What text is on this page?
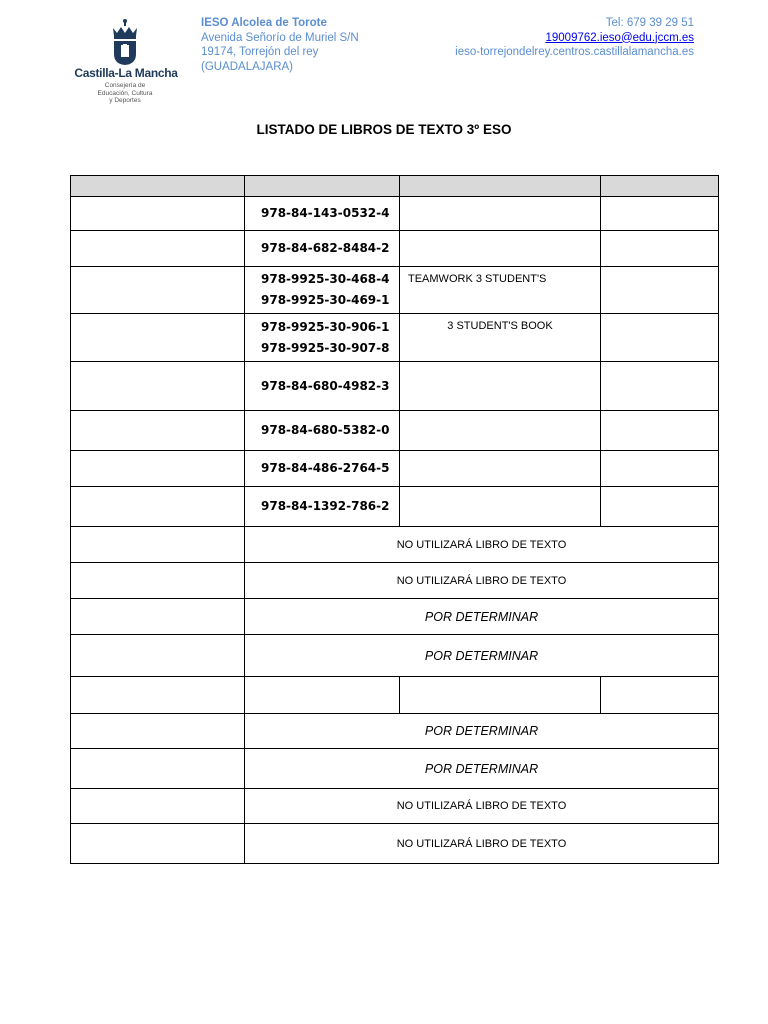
Castilla-La Mancha
Consejería de
Educación, Cultura
y Deportes
IESO Alcolea de Torote
Avenida Señorío de Muriel S/N
19174, Torrejón del rey
(GUADALAJARA)
Tel: 679 39 29 51
19009762.ieso@edu.jccm.es
ieso-torrejondelrey.centros.castillalamancha.es
LISTADO DE LIBROS DE TEXTO 3º ESO

	978-84-143-0532-4		

	978-84-682-8484-2		

	978-9925-30-468-4
978-9925-30-469-1	TEAMWORK 3 STUDENT'S	

	978-9925-30-906-1
978-9925-30-907-8	3 STUDENT'S BOOK	

	978-84-680-4982-3		

	978-84-680-5382-0		

	978-84-486-2764-5		

	978-84-1392-786-2		

	NO UTILIZARÁ LIBRO DE TEXTO		
	NO UTILIZARÁ LIBRO DE TEXTO		
	POR DETERMINAR		
	POR DETERMINAR		

	POR DETERMINAR		
	POR DETERMINAR		
	NO UTILIZARÁ LIBRO DE TEXTO		
	NO UTILIZARÁ LIBRO DE TEXTO		
